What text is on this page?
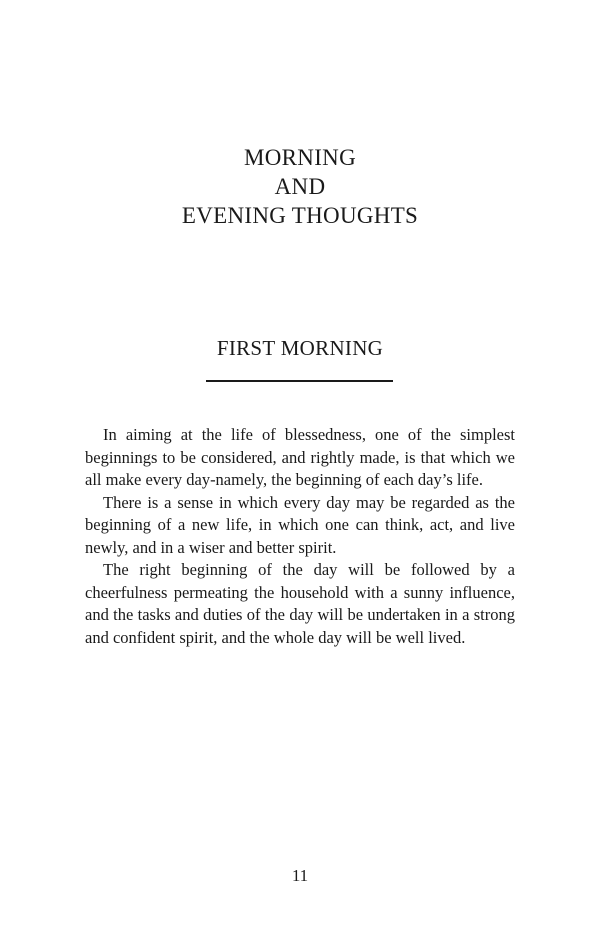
MORNING
AND
EVENING THOUGHTS
FIRST MORNING

In aiming at the life of blessedness, one of the simplest beginnings to be considered, and rightly made, is that which we all make every day-namely, the beginning of each day’s life.

There is a sense in which every day may be regarded as the beginning of a new life, in which one can think, act, and live newly, and in a wiser and better spirit.

The right beginning of the day will be followed by a cheerfulness permeating the household with a sunny influence, and the tasks and duties of the day will be undertaken in a strong and confident spirit, and the whole day will be well lived.

11
